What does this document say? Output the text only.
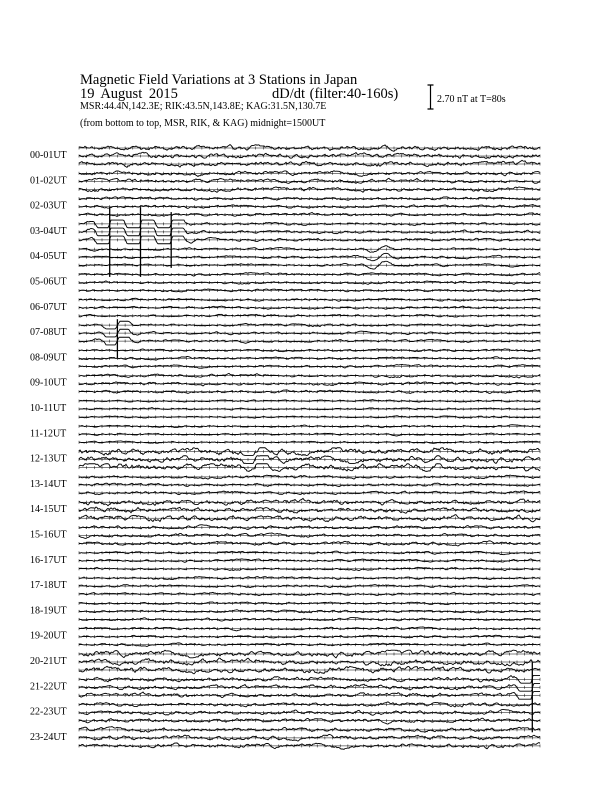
Magnetic Field Variations at 3 Stations in Japan
19 August 2015	dD/dt (filter:40-160s)
MSR:44.4N,142.3E; RIK:43.5N,143.8E; KAG:31.5N,130.7E
(from bottom to top, MSR, RIK, & KAG) midnight=1500UT
2.70 nT at T=80s
00-01UT
01-02UT
02-03UT
03-04UT
04-05UT
05-06UT
06-07UT
07-08UT
08-09UT
09-10UT
10-11UT
11-12UT
12-13UT
13-14UT
14-15UT
15-16UT
16-17UT
17-18UT
18-19UT
19-20UT
20-21UT
21-22UT
22-23UT
23-24UT
